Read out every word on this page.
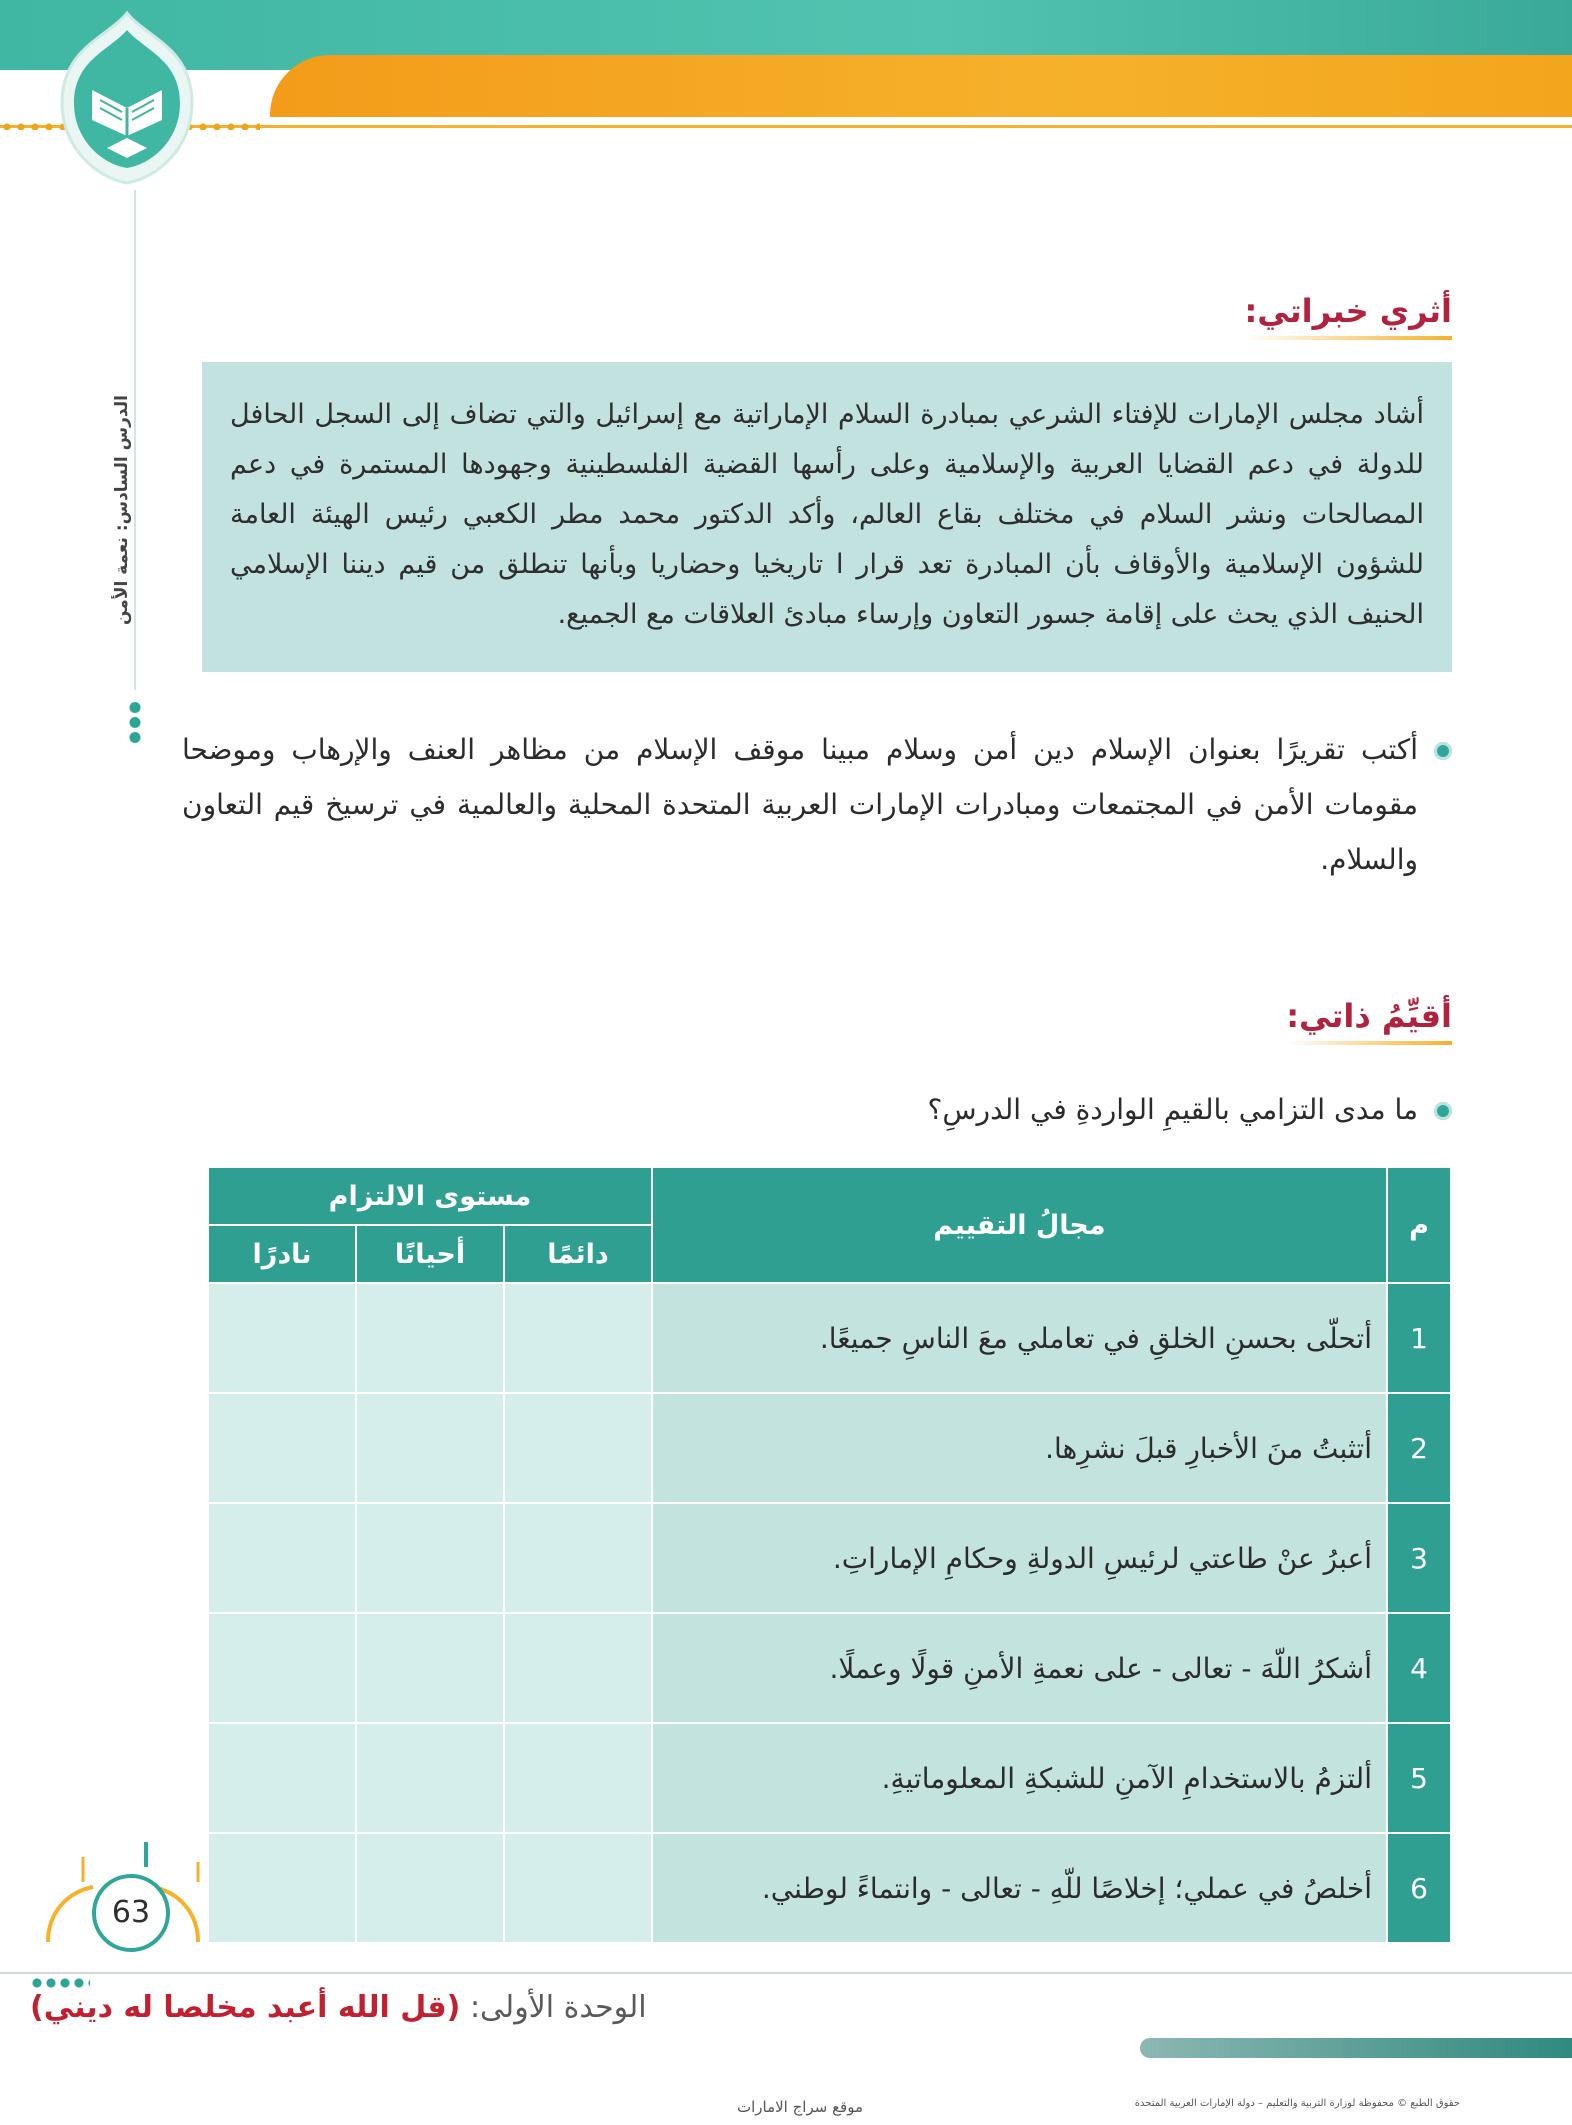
الدرس السادس: نعمة الأمن
أثري خبراتي:
أشاد مجلس الإمارات للإفتاء الشرعي بمبادرة السلام الإماراتية مع إسرائيل والتي تضاف إلى السجل الحافل للدولة في دعم القضايا العربية والإسلامية وعلى رأسها القضية الفلسطينية وجهودها المستمرة في دعم المصالحات ونشر السلام في مختلف بقاع العالم، وأكد الدكتور محمد مطر الكعبي رئيس الهيئة العامة للشؤون الإسلامية والأوقاف بأن المبادرة تعد قرار ا تاريخيا وحضاريا وبأنها تنطلق من قيم ديننا الإسلامي الحنيف الذي يحث على إقامة جسور التعاون وإرساء مبادئ العلاقات مع الجميع.
أكتب تقريرًا بعنوان الإسلام دين أمن وسلام مبينا موقف الإسلام من مظاهر العنف والإرهاب وموضحا مقومات الأمن في المجتمعات ومبادرات الإمارات العربية المتحدة المحلية والعالمية في ترسيخ قيم التعاون والسلام.
أقيِّمُ ذاتي:
ما مدى التزامي بالقيمِ الواردةِ في الدرسِ؟
م	مجالُ التقييم	مستوى الالتزام		
		دائمًا	أحيانًا	نادرًا
1	أتحلّى بحسنِ الخلقِ في تعاملي معَ الناسِ جميعًا.			
2	أتثبتُ منَ الأخبارِ قبلَ نشرِها.			
3	أعبرُ عنْ طاعتي لرئيسِ الدولةِ وحكامِ الإماراتِ.			
4	أشكرُ اللّهَ - تعالى - على نعمةِ الأمنِ قولًا وعملًا.			
5	ألتزمُ بالاستخدامِ الآمنِ للشبكةِ المعلوماتيةِ.			
6	أخلصُ في عملي؛ إخلاصًا للّهِ - تعالى - وانتماءً لوطني.			
63
الوحدة الأولى: (قل الله أعبد مخلصا له ديني)
حقوق الطبع © محفوظة لوزارة التربية والتعليم – دولة الإمارات العربية المتحدة
موقع سراج الامارات
